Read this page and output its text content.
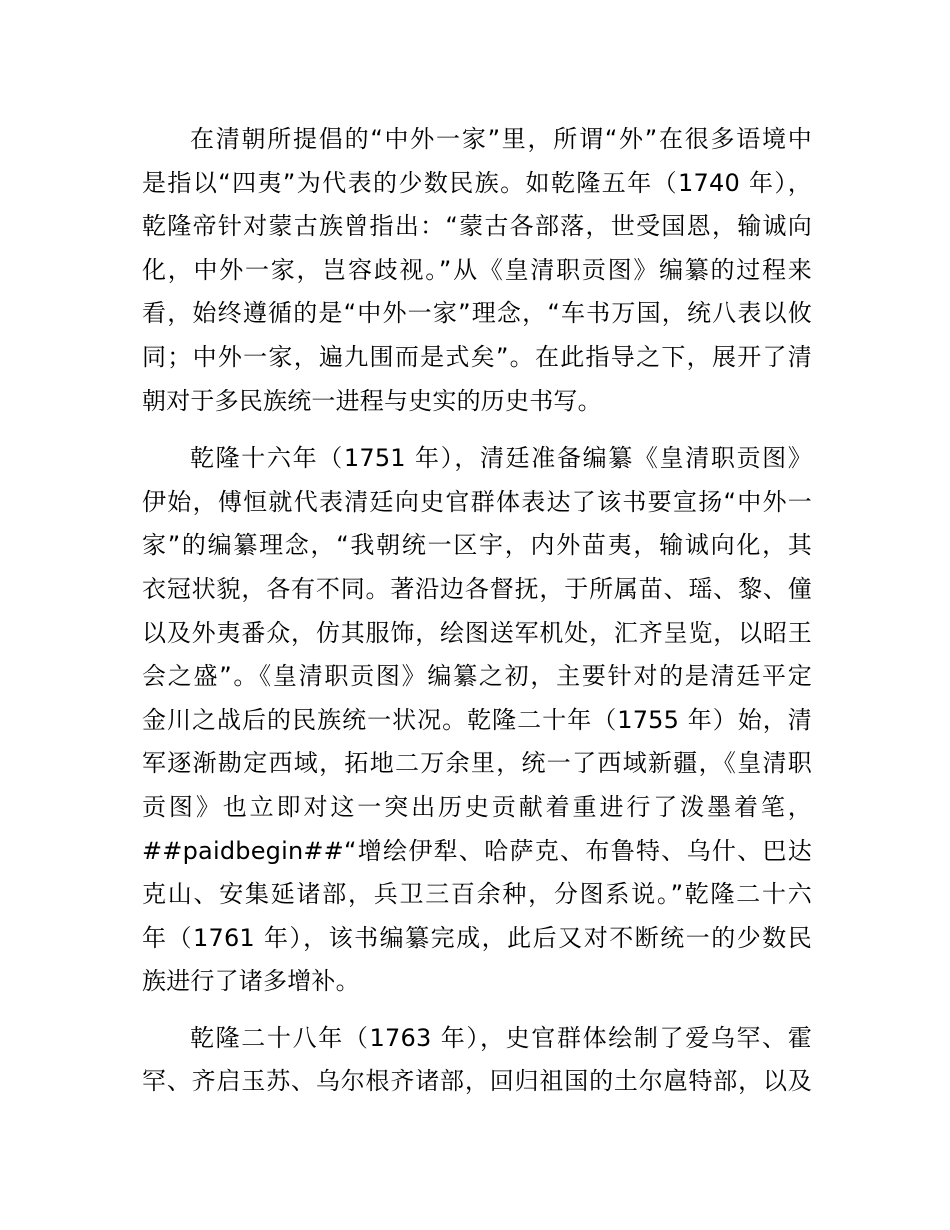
在清朝所提倡的“中外一家”里，所谓“外”在很多语境中
是指以“四夷”为代表的少数民族。如乾隆五年（1740 年），
乾隆帝针对蒙古族曾指出：“蒙古各部落，世受国恩，输诚向
化，中外一家，岂容歧视。”从《皇清职贡图》编纂的过程来
看，始终遵循的是“中外一家”理念，“车书万国，统八表以攸
同；中外一家，遍九围而是式矣”。在此指导之下，展开了清
朝对于多民族统一进程与史实的历史书写。
乾隆十六年（1751 年），清廷准备编纂《皇清职贡图》
伊始，傅恒就代表清廷向史官群体表达了该书要宣扬“中外一
家”的编纂理念，“我朝统一区宇，内外苗夷，输诚向化，其
衣冠状貌，各有不同。著沿边各督抚，于所属苗、瑶、黎、僮
以及外夷番众，仿其服饰，绘图送军机处，汇齐呈览，以昭王
会之盛”。《皇清职贡图》编纂之初，主要针对的是清廷平定
金川之战后的民族统一状况。乾隆二十年（1755 年）始，清
军逐渐勘定西域，拓地二万余里，统一了西域新疆，《皇清职
贡图》也立即对这一突出历史贡献着重进行了泼墨着笔，
##paidbegin##“增绘伊犁、哈萨克、布鲁特、乌什、巴达
克山、安集延诸部，兵卫三百余种，分图系说。”乾隆二十六
年（1761 年），该书编纂完成，此后又对不断统一的少数民
族进行了诸多增补。
乾隆二十八年（1763 年），史官群体绘制了爱乌罕、霍
罕、齐启玉苏、乌尔根齐诸部，回归祖国的土尔扈特部，以及
